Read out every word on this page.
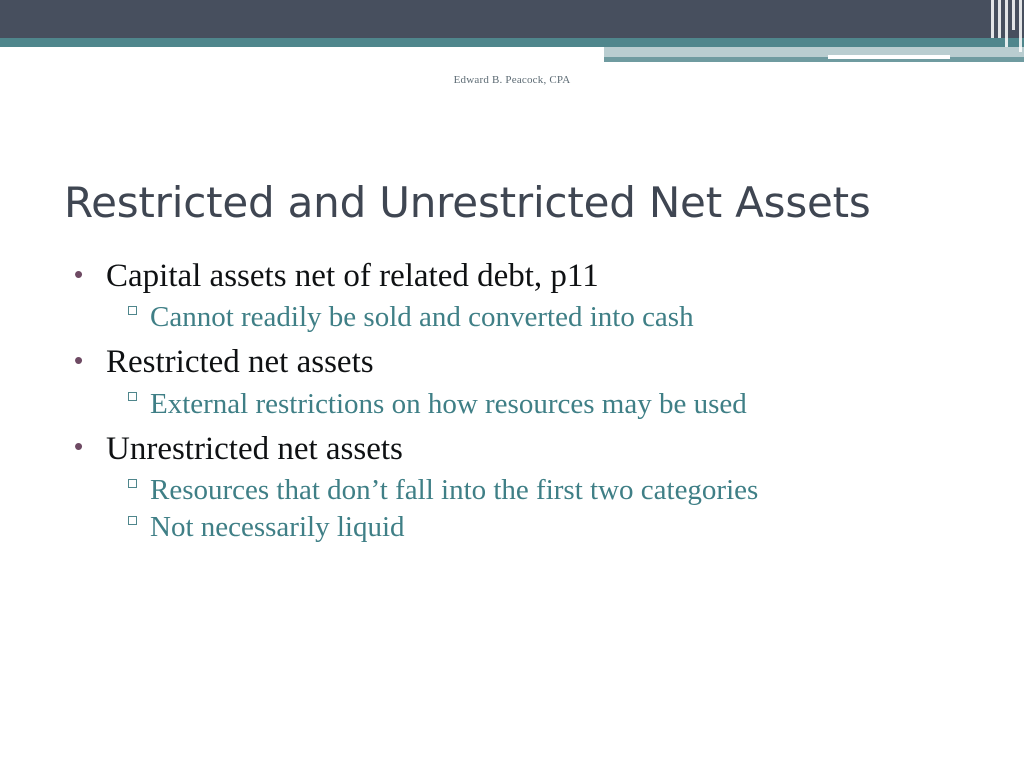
Edward B. Peacock, CPA
Restricted and Unrestricted Net Assets
• Capital assets net of related debt, p11
Cannot readily be sold and converted into cash
• Restricted net assets
External restrictions on how resources may be used
• Unrestricted net assets
Resources that don’t fall into the first two categories
Not necessarily liquid
